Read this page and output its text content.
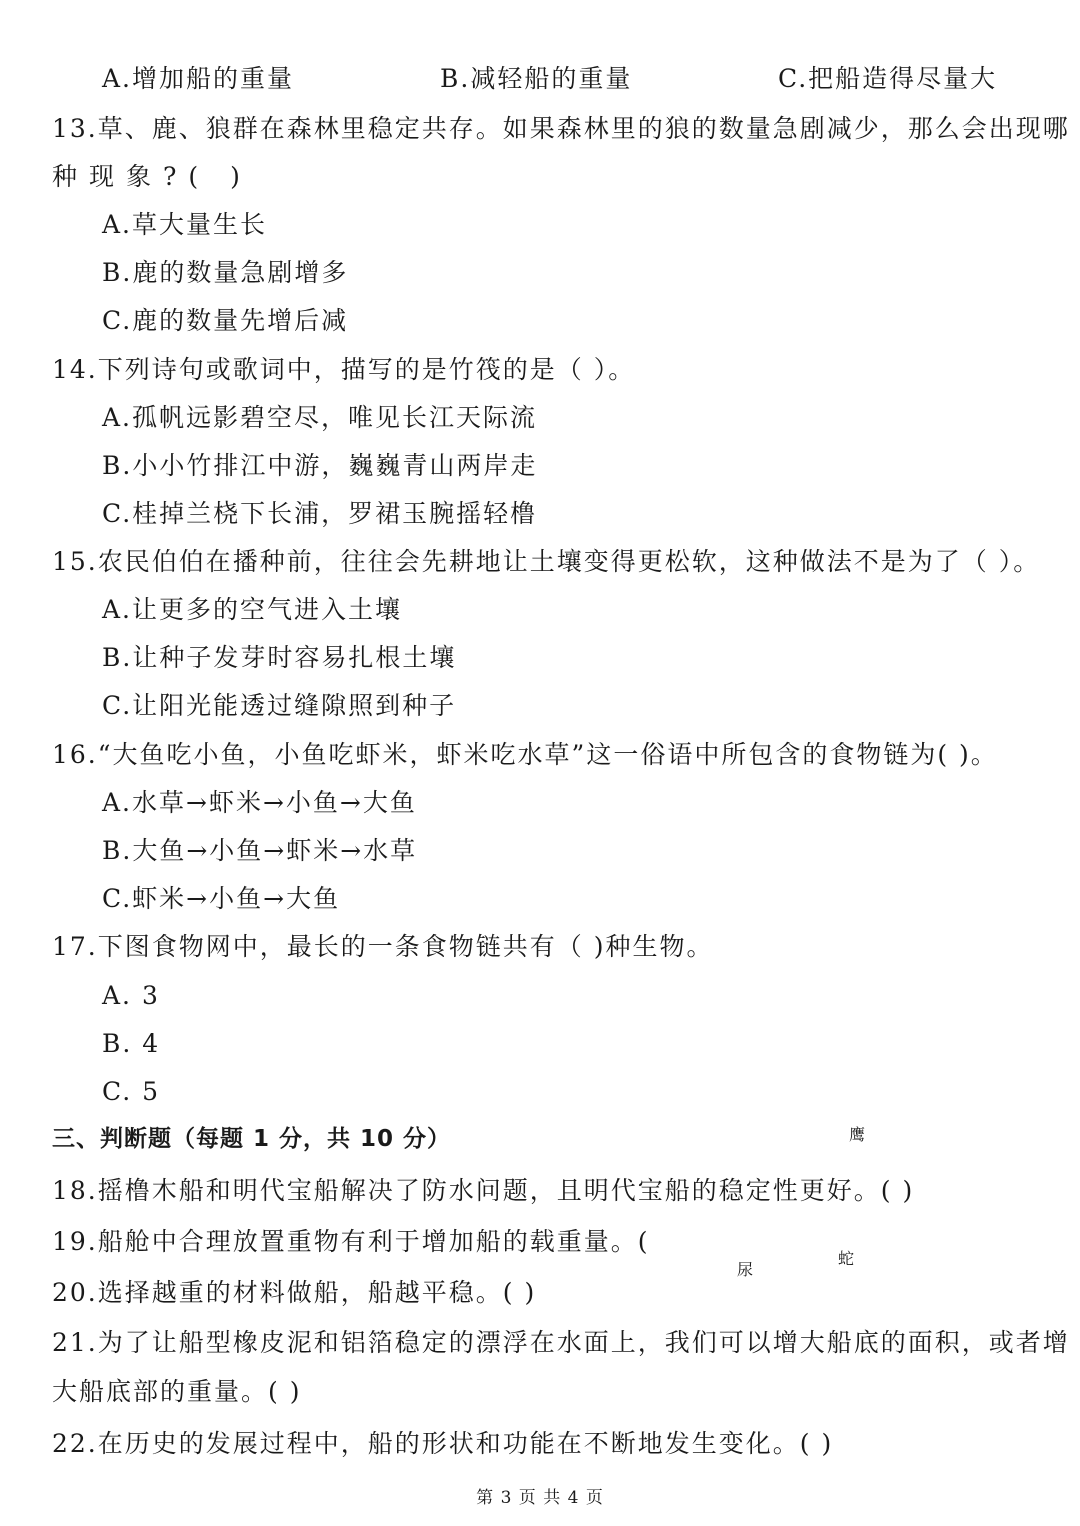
A.增加船的重量	B.减轻船的重量	C.把船造得尽量大
13.草、鹿、狼群在森林里稳定共存。如果森林里的狼的数量急剧减少，那么会出现哪
种现象?( )
A.草大量生长
B.鹿的数量急剧增多
C.鹿的数量先增后减
14.下列诗句或歌词中，描写的是竹筏的是（ ）。
A.孤帆远影碧空尽，唯见长江天际流
B.小小竹排江中游，巍巍青山两岸走
C.桂掉兰桡下长浦，罗裙玉腕摇轻橹
15.农民伯伯在播种前，往往会先耕地让土壤变得更松软，这种做法不是为了（ ）。
A.让更多的空气进入土壤
B.让种子发芽时容易扎根土壤
C.让阳光能透过缝隙照到种子
16.“大鱼吃小鱼，小鱼吃虾米，虾米吃水草”这一俗语中所包含的食物链为( )。
A.水草→虾米→小鱼→大鱼
B.大鱼→小鱼→虾米→水草
C.虾米→小鱼→大鱼
17.下图食物网中，最长的一条食物链共有（ )种生物。
A. 3
B. 4
C. 5
三、判断题（每题 1 分，共 10 分）	鹰
蛇
尿
18.摇橹木船和明代宝船解决了防水问题，且明代宝船的稳定性更好。( )
19.船舱中合理放置重物有利于增加船的载重量。(
20.选择越重的材料做船，船越平稳。( )
21.为了让船型橡皮泥和铝箔稳定的漂浮在水面上，我们可以增大船底的面积，或者增
大船底部的重量。( )
22.在历史的发展过程中，船的形状和功能在不断地发生变化。( )
第 3 页 共 4 页
